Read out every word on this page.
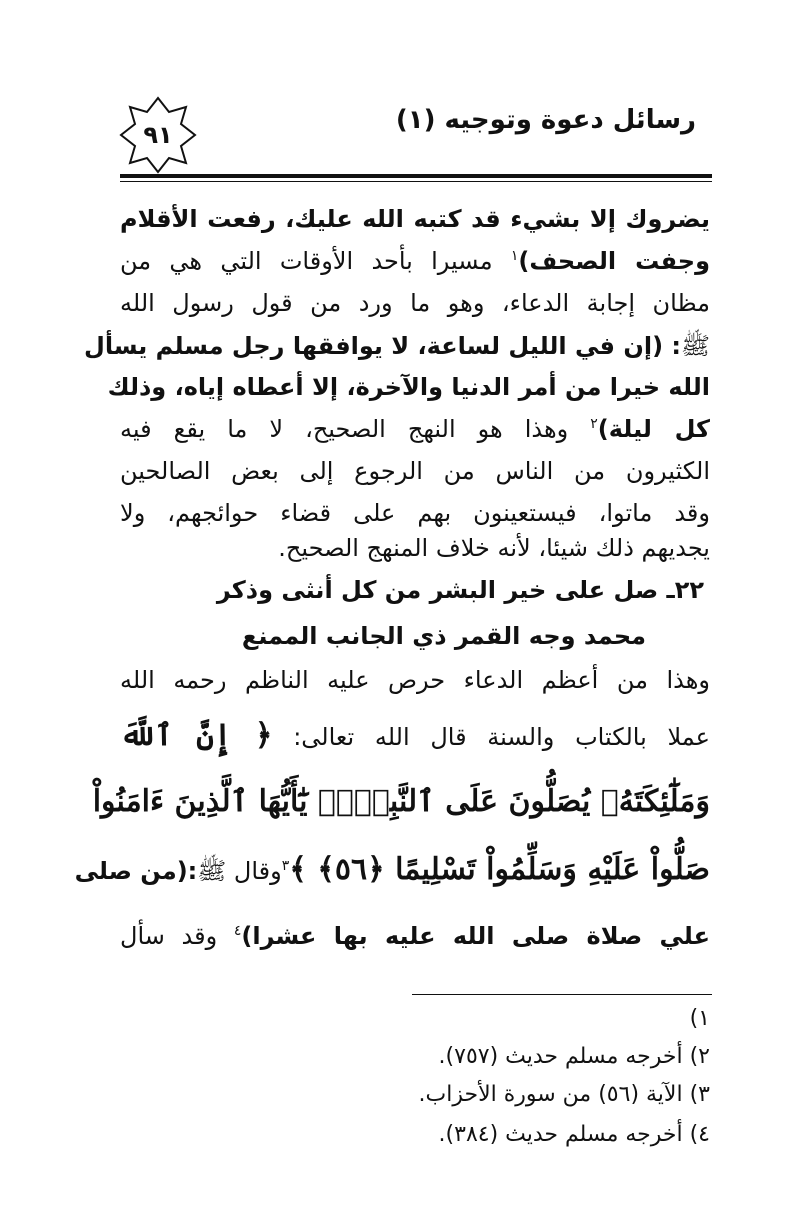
رسائل دعوة وتوجيه (١)
٩١
يضروك إلا بشيء قد كتبه الله عليك، رفعت الأقلام
وجفت الصحف)$^١$ مسيرا بأحد الأوقات التي هي من
مظان إجابة الدعاء، وهو ما ورد من قول رسول الله
ﷺ: (إن في الليل لساعة، لا يوافقها رجل مسلم يسأل
الله خيرا من أمر الدنيا والآخرة، إلا أعطاه إياه، وذلك
كل ليلة)$^٢$ وهذا هو النهج الصحيح، لا ما يقع فيه
الكثيرون من الناس من الرجوع إلى بعض الصالحين
وقد ماتوا، فيستعينون بهم على قضاء حوائجهم، ولا
يجديهم ذلك شيئا، لأنه خلاف المنهج الصحيح.
٢٢ـ صل على خير البشر من كل أنثى وذكر
محمد وجه القمر ذي الجانب الممنع
وهذا من أعظم الدعاء حرص عليه الناظم رحمه الله
عملا بالكتاب والسنة قال الله تعالى: ﴿ إِنَّ ٱللَّهَ
وَمَلَٰٓئِكَتَهُۥ يُصَلُّونَ عَلَى ٱلنَّبِيِّۚ يَٰٓأَيُّهَا ٱلَّذِينَ ءَامَنُواْ
صَلُّواْ عَلَيْهِ وَسَلِّمُواْ تَسْلِيمًا ﴿٥٦﴾ ﴾$^٣$وقال ﷺ:(من صلى
علي صلاة صلى الله عليه بها عشرا)$^٤$ وقد سأل
١)
٢) أخرجه مسلم حديث (٧٥٧).
٣) الآية (٥٦) من سورة الأحزاب.
٤) أخرجه مسلم حديث (٣٨٤).
